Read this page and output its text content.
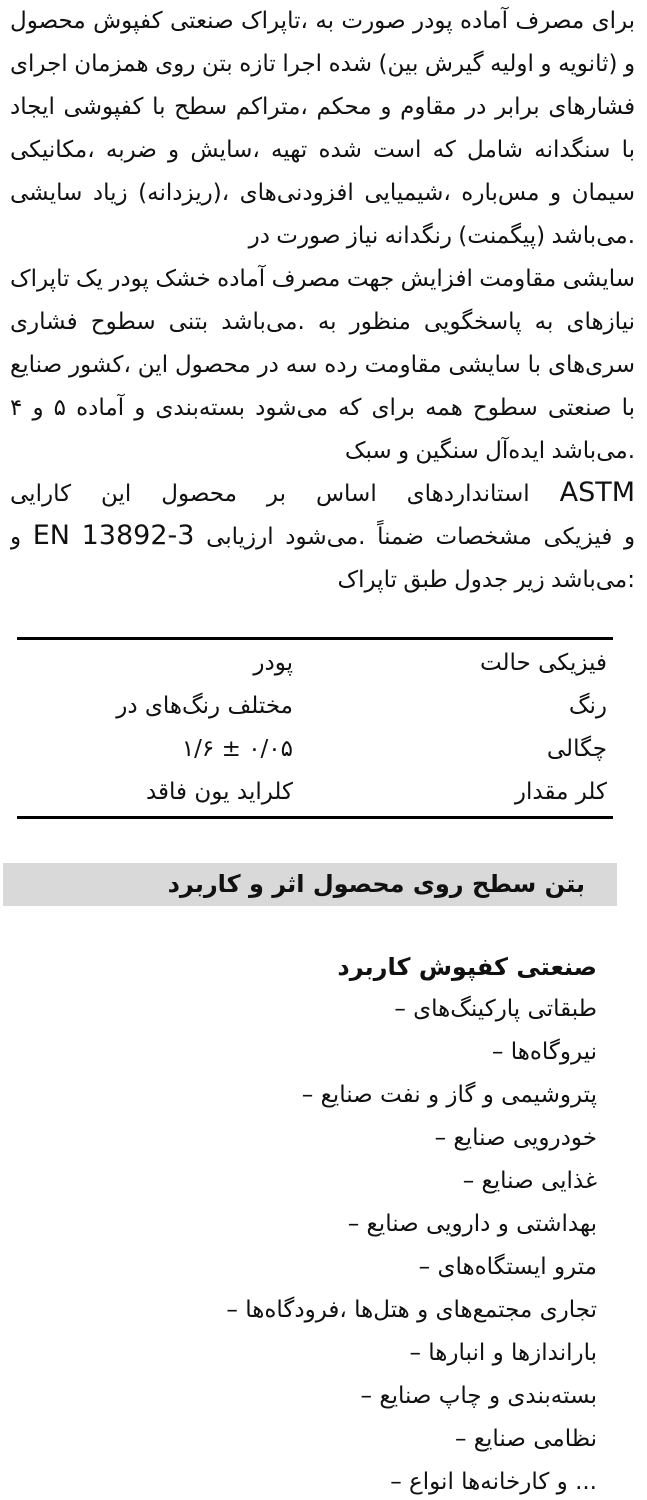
محصول کفپوش صنعتی تاپراک، به صورت پودر آماده مصرف برای
اجرای همزمان روی بتن تازه اجرا شده (بین گیرش اولیه و ثانویه) و
ایجاد کفپوشی با سطح متراکم، محکم و مقاوم در برابر فشارهای
مکانیکی، ضربه و سایش، تهیه شده است که شامل سنگدانه با
سایشی زیاد (ریزدانه)، افزودنی‌های شیمیایی، مس‌باره و سیمان
در صورت نیاز رنگدانه (پیگمنت) می‌باشد.
تاپراک یک پودر خشک آماده مصرف جهت افزایش مقاومت سایشی
فشاری سطوح بتنی می‌باشد. به منظور پاسخگویی به نیازهای
صنایع کشور، این محصول در سه رده مقاومت سایشی با سری‌های
۴ و ۵ آماده و بسته‌بندی می‌شود که برای همه سطوح صنعتی با
سبک و سنگین ایده‌آل می‌باشد.
کارایی این محصول بر اساس استانداردهای ASTM
و EN 13892-3 ارزیابی می‌شود. ضمناً مشخصات فیزیکی و
تاپراک طبق جدول زیر می‌باشد:
پودر	حالت فیزیکی
در رنگ‌های مختلف	رنگ
۱/۶ ± ۰/۰۵	چگالی
فاقد یون کلراید	مقدار کلر
کاربرد و اثر محصول روی سطح بتن
کاربرد کفپوش صنعتی
– پارکینگ‌های طبقاتی
– نیروگاه‌ها
– صنایع نفت و گاز و پتروشیمی
– صنایع خودرویی
– صنایع غذایی
– صنایع دارویی و بهداشتی
– ایستگاه‌های مترو
– فرودگاه‌ها، هتل‌ها و مجتمع‌های تجاری
– انبارها و باراندازها
– صنایع چاپ و بسته‌بندی
– صنایع نظامی
– انواع کارخانه‌ها و ...
